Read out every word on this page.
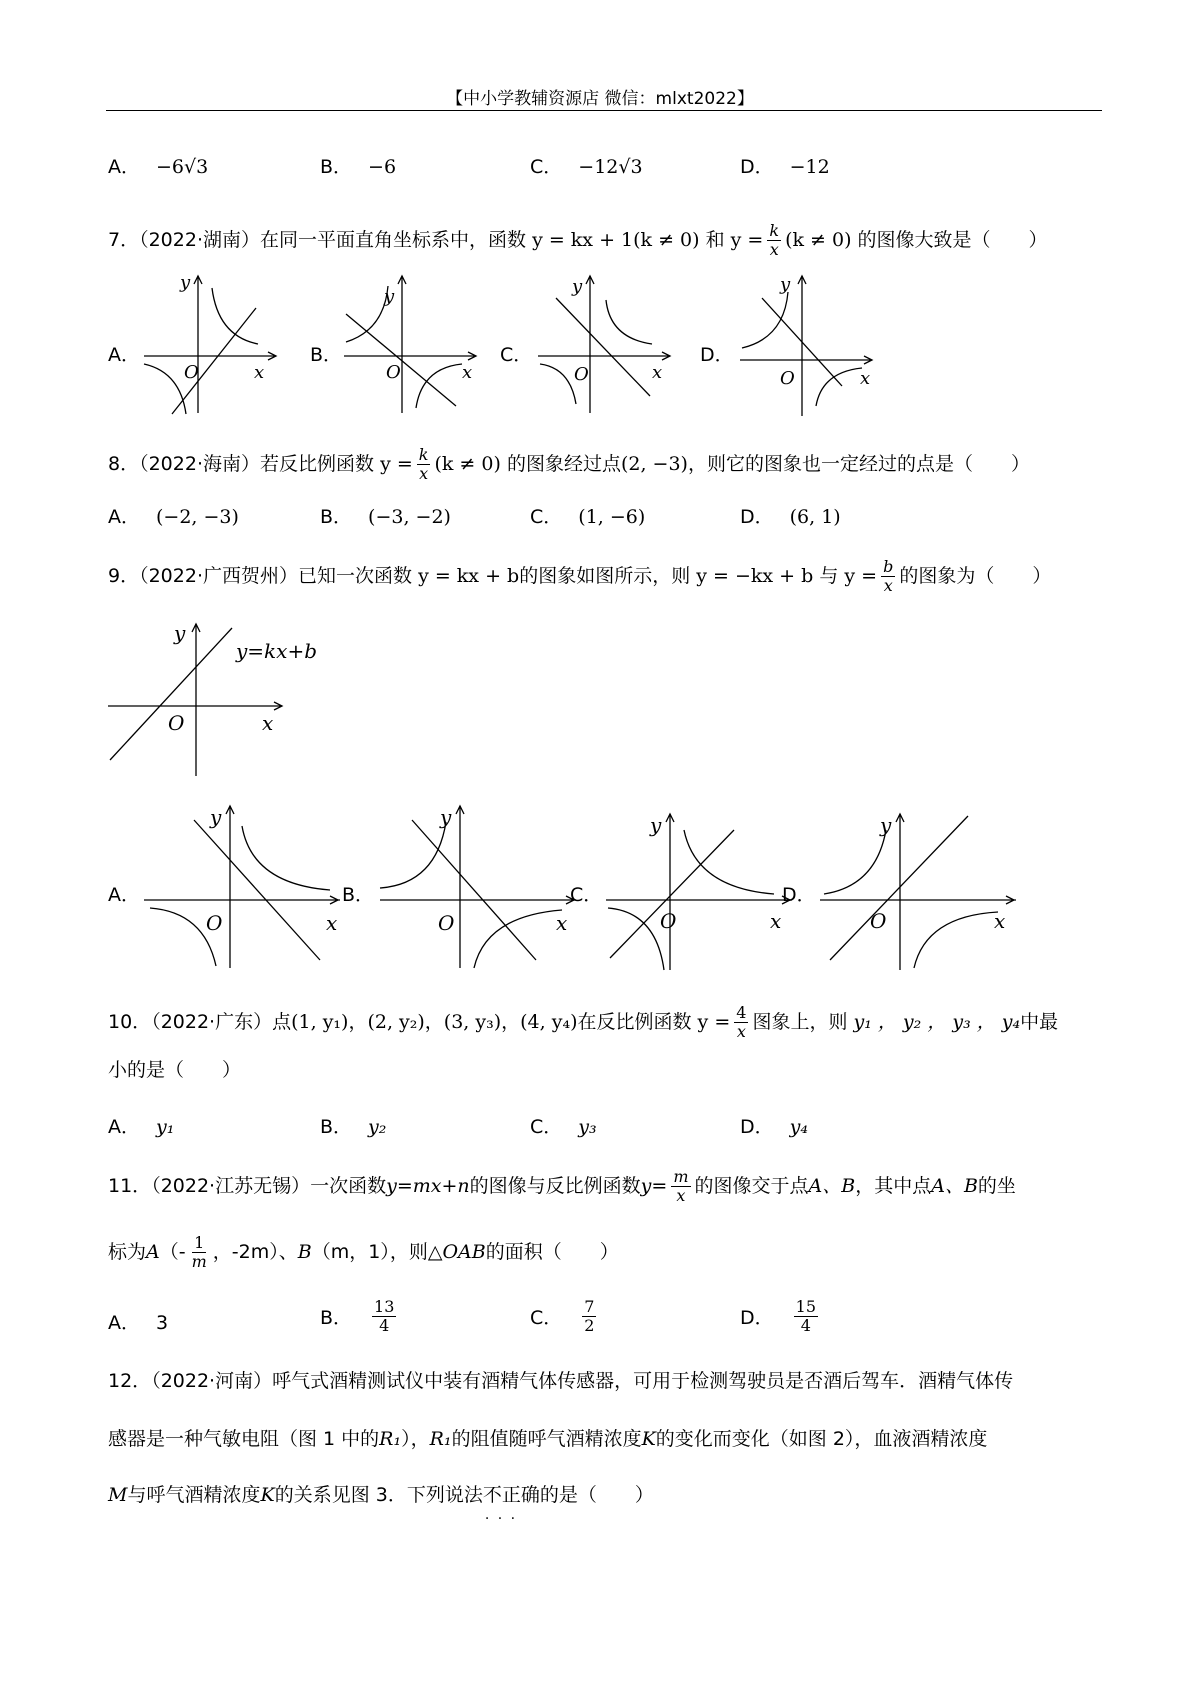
【中小学教辅资源店 微信：mlxt2022】
A． −6√3	B． −6	C． −12√3	D． −12
7．（2022·湖南）在同一平面直角坐标系中，函数 y = kx + 1(k ≠ 0) 和 $y = \frac{k}{x} (k \ne 0)$ 的图像大致是（　　）
A．	B．	C．	D．
y
O	x
y
O	x
y
O	x
y
O	x
8．（2022·海南）若反比例函数 $y = \frac{k}{x} (k \ne 0)$ 的图象经过点(2, −3)，则它的图象也一定经过的点是（　　）
A． (−2, −3)	B． (−3, −2)	C． (1, −6)	D． (6, 1)
9．（2022·广西贺州）已知一次函数 y = kx + b的图象如图所示，则 y = −kx + b 与 $y = \frac{b}{x}$ 的图象为（　　）
y
O	x
y=kx+b
A．	B．	C．	D．
y
O	x
y
O	x
y
O	x
y
O	x
10．（2022·广东）点(1, y₁)，(2, y₂)，(3, y₃)，(4, y₄)在反比例函数 $y = \frac{4}{x}$ 图象上，则 y₁ ， y₂ ， y₃ ， y₄中最
小的是（　　）
A． y₁	B． y₂	C． y₃	D． y₄
11．（2022·江苏无锡）一次函数y=mx+n的图像与反比例函数$y= \frac{m}{x}$ 的图像交于点A、B，其中点A、B的坐
标为$A(- \frac{1}{m}$ ，-2m）、B（m，1），则△OAB的面积（　　）
A． 3	B． $\frac{13}{4}$	C． $\frac{7}{2}$	D． $\frac{15}{4}$
12．（2022·河南）呼气式酒精测试仪中装有酒精气体传感器，可用于检测驾驶员是否酒后驾车．酒精气体传
感器是一种气敏电阻（图 1 中的R₁），R₁的阻值随呼气酒精浓度K的变化而变化（如图 2），血液酒精浓度
M与呼气酒精浓度K的关系见图 3．下列说法不正确 · · ·的是（　　）
